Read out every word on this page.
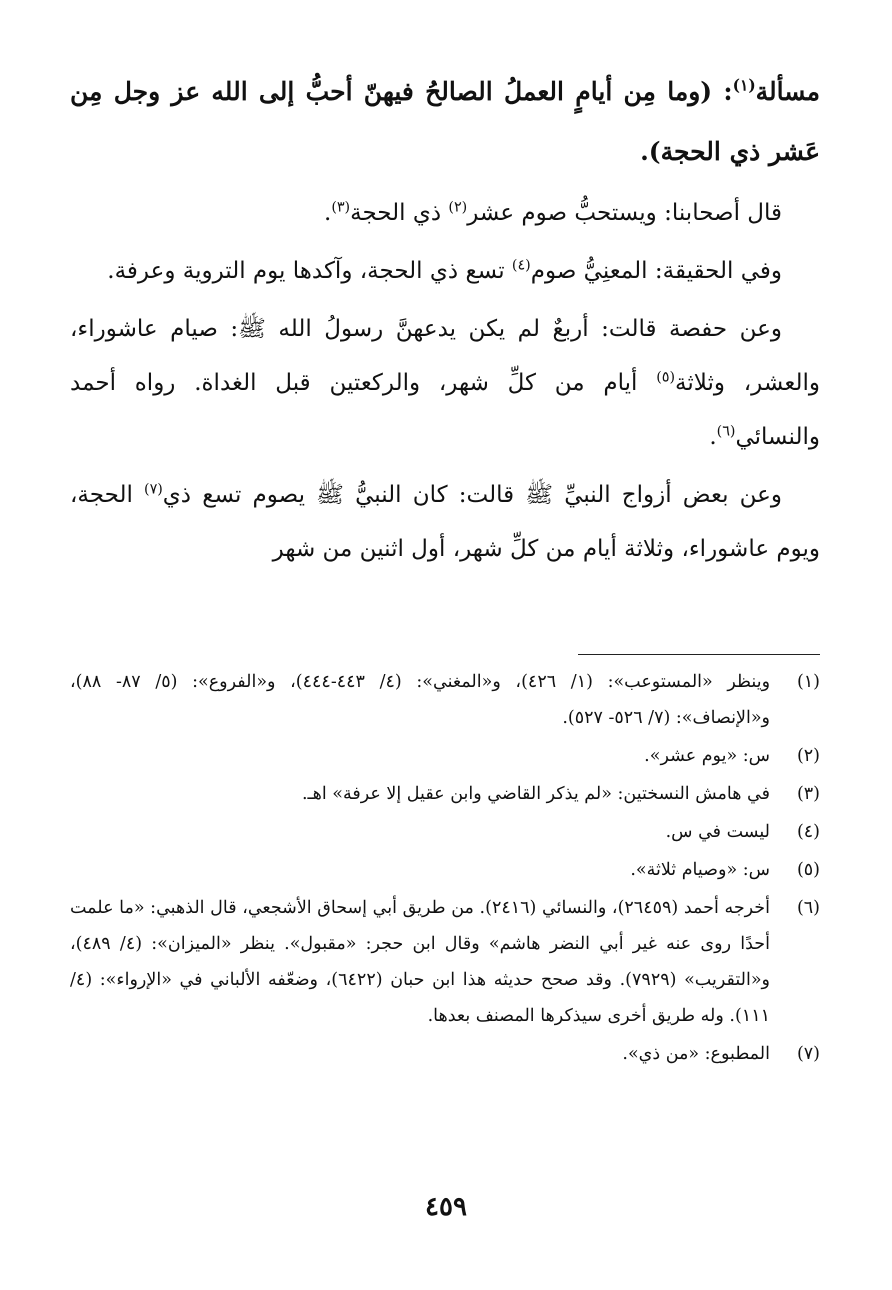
مسألة$^{(١)}$: (وما مِن أيامٍ العملُ الصالحُ فيهنّ أحبُّ إلى الله عز وجل مِن عَشر ذي الحجة).

قال أصحابنا: ويستحبُّ صوم عشر$^{(٢)}$ ذي الحجة$^{(٣)}$.

وفي الحقيقة: المعنِيُّ صوم$^{(٤)}$ تسع ذي الحجة، وآكدها يوم التروية وعرفة.

وعن حفصة قالت: أربعٌ لم يكن يدعهنَّ رسولُ الله ﷺ: صيام عاشوراء، والعشر، وثلاثة$^{(٥)}$ أيام من كلِّ شهر، والركعتين قبل الغداة. رواه أحمد والنسائي$^{(٦)}$.

وعن بعض أزواج النبيِّ ﷺ قالت: كان النبيُّ ﷺ يصوم تسع ذي$^{(٧)}$ الحجة، ويوم عاشوراء، وثلاثة أيام من كلِّ شهر، أول اثنين من شهر

(١)
وينظر «المستوعب»: (١/ ٤٢٦)، و«المغني»: (٤/ ٤٤٣-٤٤٤)، و«الفروع»: (٥/ ٨٧- ٨٨)، و«الإنصاف»: (٧/ ٥٢٦- ٥٢٧).
(٢)
س: «يوم عشر».
(٣)
في هامش النسختين: «لم يذكر القاضي وابن عقيل إلا عرفة» اهـ.
(٤)
ليست في س.
(٥)
س: «وصيام ثلاثة».
(٦)
أخرجه أحمد (٢٦٤٥٩)، والنسائي (٢٤١٦). من طريق أبي إسحاق الأشجعي، قال الذهبي: «ما علمت أحدًا روى عنه غير أبي النضر هاشم» وقال ابن حجر: «مقبول». ينظر «الميزان»: (٤/ ٤٨٩)، و«التقريب» (٧٩٢٩). وقد صحح حديثه هذا ابن حبان (٦٤٢٢)، وضعّفه الألباني في «الإرواء»: (٤/ ١١١). وله طريق أخرى سيذكرها المصنف بعدها.
(٧)
المطبوع: «من ذي».
٤٥٩
